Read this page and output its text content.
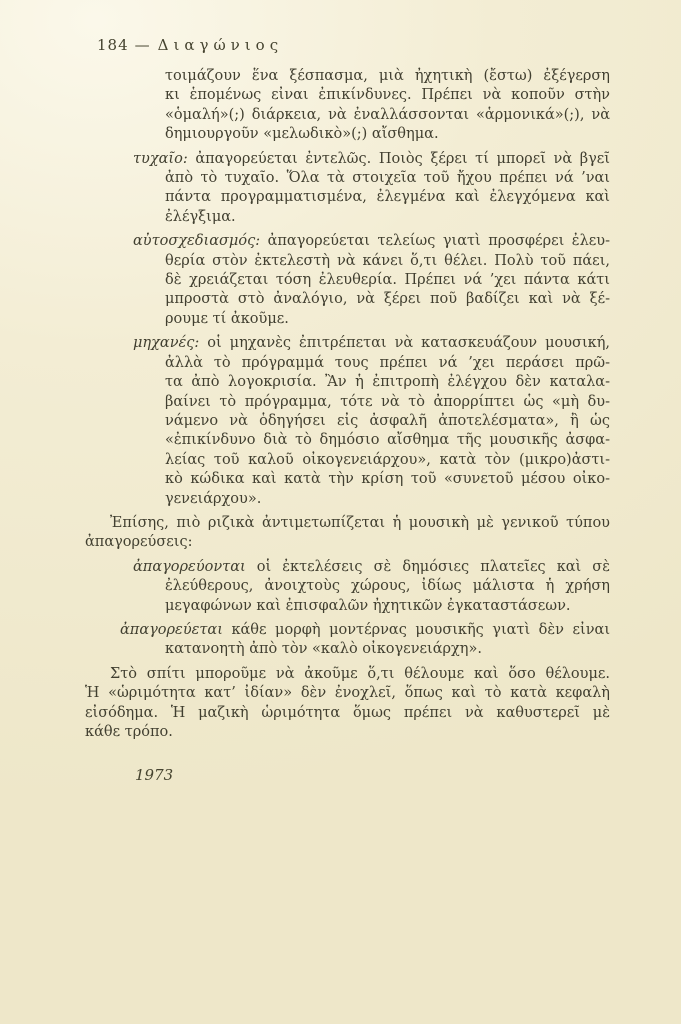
184 — Διαγώνιος
τοιμάζουν ἕνα ξέσπασμα, μιὰ ἠχητικὴ (ἔστω) ἐξέγερση
κι ἑπομένως εἶναι ἐπικίνδυνες. Πρέπει νὰ κοποῦν στὴν
«ὁμαλή»(;) διάρκεια, νὰ ἐναλλάσσονται «ἁρμονικά»(;), νὰ
δημιουργοῦν «μελωδικὸ»(;) αἴσθημα.
τυχαῖο: ἀπαγορεύεται ἐντελῶς. Ποιὸς ξέρει τί μπορεῖ νὰ βγεῖ
ἀπὸ τὸ τυχαῖο. Ὅλα τὰ στοιχεῖα τοῦ ἤχου πρέπει νά ’ναι
πάντα προγραμματισμένα, ἐλεγμένα καὶ ἐλεγχόμενα καὶ
ἐλέγξιμα.
αὐτοσχεδιασμός: ἀπαγορεύεται τελείως γιατὶ προσφέρει ἐλευ-
θερία στὸν ἐκτελεστὴ νὰ κάνει ὅ,τι θέλει. Πολὺ τοῦ πάει,
δὲ χρειάζεται τόση ἐλευθερία. Πρέπει νά ’χει πάντα κάτι
μπροστὰ στὸ ἀναλόγιο, νὰ ξέρει ποῦ βαδίζει καὶ νὰ ξέ-
ρουμε τί ἀκοῦμε.
μηχανές: οἱ μηχανὲς ἐπιτρέπεται νὰ κατασκευάζουν μουσική,
ἀλλὰ τὸ πρόγραμμά τους πρέπει νά ’χει περάσει πρῶ-
τα ἀπὸ λογοκρισία. Ἂν ἡ ἐπιτροπὴ ἐλέγχου δὲν καταλα-
βαίνει τὸ πρόγραμμα, τότε νὰ τὸ ἀπορρίπτει ὡς «μὴ δυ-
νάμενο νὰ ὁδηγήσει εἰς ἀσφαλῆ ἀποτελέσματα», ἢ ὡς
«ἐπικίνδυνο διὰ τὸ δημόσιο αἴσθημα τῆς μουσικῆς ἀσφα-
λείας τοῦ καλοῦ οἰκογενειάρχου», κατὰ τὸν (μικρο)ἀστι-
κὸ κώδικα καὶ κατὰ τὴν κρίση τοῦ «συνετοῦ μέσου οἰκο-
γενειάρχου».
Ἐπίσης, πιὸ ριζικὰ ἀντιμετωπίζεται ἡ μουσικὴ μὲ γενικοῦ τύπου
ἀπαγορεύσεις:
ἀπαγορεύονται οἱ ἐκτελέσεις σὲ δημόσιες πλατεῖες καὶ σὲ
ἐλεύθερους, ἀνοιχτοὺς χώρους, ἰδίως μάλιστα ἡ χρήση
μεγαφώνων καὶ ἐπισφαλῶν ἠχητικῶν ἐγκαταστάσεων.
ἀπαγορεύεται κάθε μορφὴ μοντέρνας μουσικῆς γιατὶ δὲν εἶναι
κατανοητὴ ἀπὸ τὸν «καλὸ οἰκογενειάρχη».
Στὸ σπίτι μποροῦμε νὰ ἀκοῦμε ὅ,τι θέλουμε καὶ ὅσο θέλουμε.
Ἡ «ὡριμότητα κατ’ ἰδίαν» δὲν ἐνοχλεῖ, ὅπως καὶ τὸ κατὰ κεφαλὴ
εἰσόδημα. Ἡ μαζικὴ ὡριμότητα ὅμως πρέπει νὰ καθυστερεῖ μὲ
κάθε τρόπο.
1973
